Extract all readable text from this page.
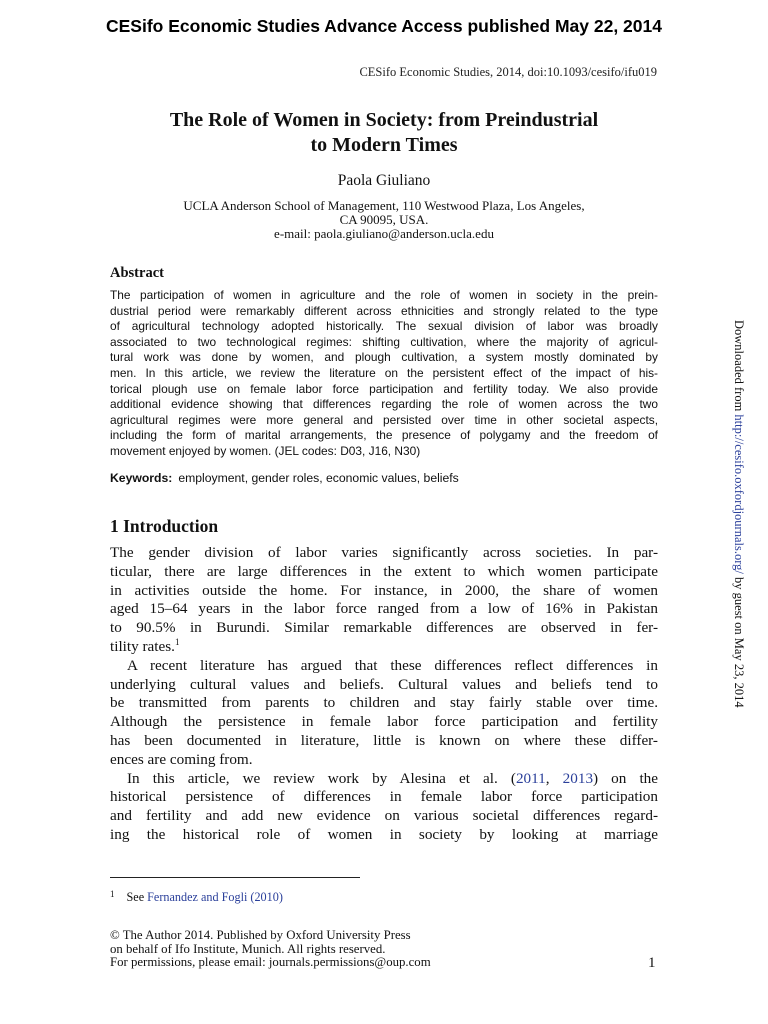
CESifo Economic Studies Advance Access published May 22, 2014
CESifo Economic Studies, 2014, doi:10.1093/cesifo/ifu019
The Role of Women in Society: from Preindustrial
to Modern Times
Paola Giuliano
UCLA Anderson School of Management, 110 Westwood Plaza, Los Angeles,
CA 90095, USA.
e-mail: paola.giuliano@anderson.ucla.edu
Abstract
The participation of women in agriculture and the role of women in society in the prein-
dustrial period were remarkably different across ethnicities and strongly related to the type
of agricultural technology adopted historically. The sexual division of labor was broadly
associated to two technological regimes: shifting cultivation, where the majority of agricul-
tural work was done by women, and plough cultivation, a system mostly dominated by
men. In this article, we review the literature on the persistent effect of the impact of his-
torical plough use on female labor force participation and fertility today. We also provide
additional evidence showing that differences regarding the role of women across the two
agricultural regimes were more general and persisted over time in other societal aspects,
including the form of marital arrangements, the presence of polygamy and the freedom of
movement enjoyed by women. (JEL codes: D03, J16, N30)
Keywords: employment, gender roles, economic values, beliefs
1 Introduction
The gender division of labor varies significantly across societies. In par-
ticular, there are large differences in the extent to which women participate
in activities outside the home. For instance, in 2000, the share of women
aged 15–64 years in the labor force ranged from a low of 16% in Pakistan
to 90.5% in Burundi. Similar remarkable differences are observed in fer-
tility rates.$^1$
A recent literature has argued that these differences reflect differences in
underlying cultural values and beliefs. Cultural values and beliefs tend to
be transmitted from parents to children and stay fairly stable over time.
Although the persistence in female labor force participation and fertility
has been documented in literature, little is known on where these differ-
ences are coming from.
In this article, we review work by Alesina et al. (2011, 2013) on the
historical persistence of differences in female labor force participation
and fertility and add new evidence on various societal differences regard-
ing the historical role of women in society by looking at marriage
$^1$ See Fernandez and Fogli (2010)
© The Author 2014. Published by Oxford University Press
on behalf of Ifo Institute, Munich. All rights reserved.
For permissions, please email: journals.permissions@oup.com	1
Downloaded from http://cesifo.oxfordjournals.org/ by guest on May 23, 2014
